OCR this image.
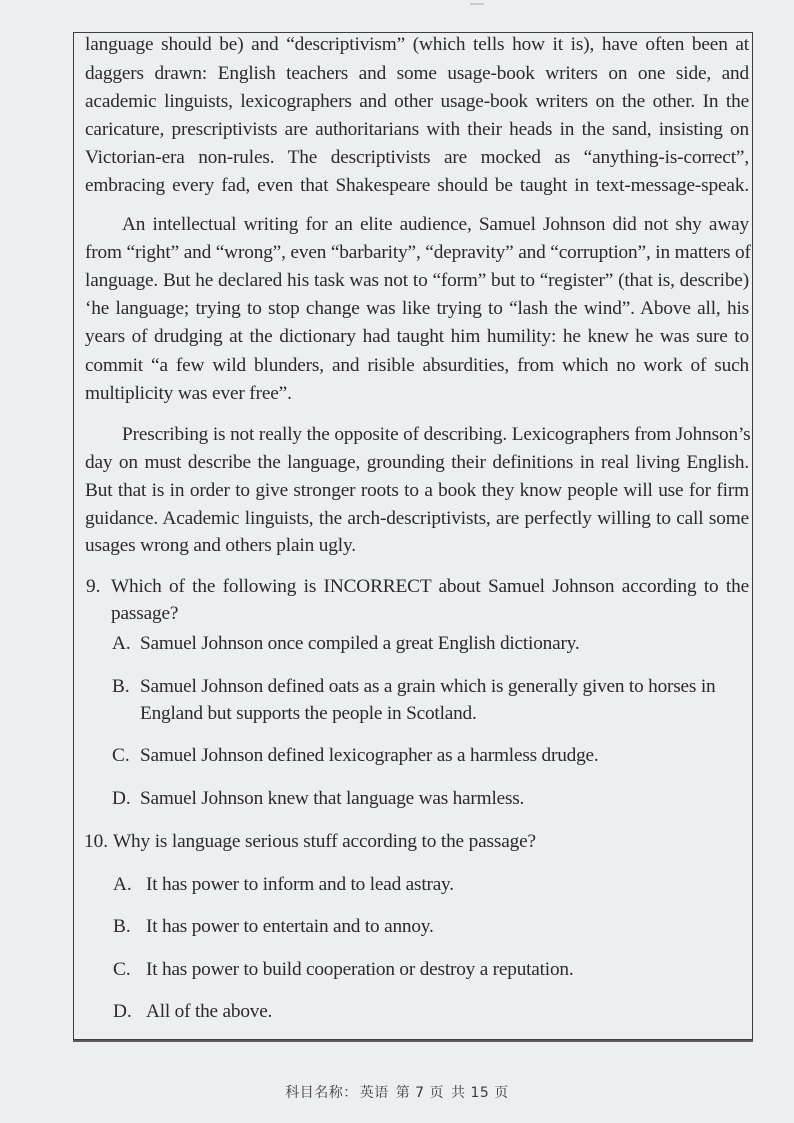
language should be) and “descriptivism” (which tells how it is), have often been at
daggers drawn: English teachers and some usage-book writers on one side, and
academic linguists, lexicographers and other usage-book writers on the other. In the
caricature, prescriptivists are authoritarians with their heads in the sand, insisting on
Victorian-era non-rules. The descriptivists are mocked as “anything-is-correct”,
embracing every fad, even that Shakespeare should be taught in text-message-speak.
An intellectual writing for an elite audience, Samuel Johnson did not shy away
from “right” and “wrong”, even “barbarity”, “depravity” and “corruption”, in matters of
language. But he declared his task was not to “form” but to “register” (that is, describe)
‘he language; trying to stop change was like trying to “lash the wind”. Above all, his
years of drudging at the dictionary had taught him humility: he knew he was sure to
commit “a few wild blunders, and risible absurdities, from which no work of such
multiplicity was ever free”.
Prescribing is not really the opposite of describing. Lexicographers from Johnson’s
day on must describe the language, grounding their definitions in real living English.
But that is in order to give stronger roots to a book they know people will use for firm
guidance. Academic linguists, the arch-descriptivists, are perfectly willing to call some
usages wrong and others plain ugly.
9. Which of the following is INCORRECT about Samuel Johnson according to the
passage?
A. Samuel Johnson once compiled a great English dictionary.
B. Samuel Johnson defined oats as a grain which is generally given to horses in
England but supports the people in Scotland.
C. Samuel Johnson defined lexicographer as a harmless drudge.
D. Samuel Johnson knew that language was harmless.
10. Why is language serious stuff according to the passage?
A. It has power to inform and to lead astray.
B. It has power to entertain and to annoy.
C. It has power to build cooperation or destroy a reputation.
D. All of the above.
科目名称： 英语 第 7 页 共 15 页
